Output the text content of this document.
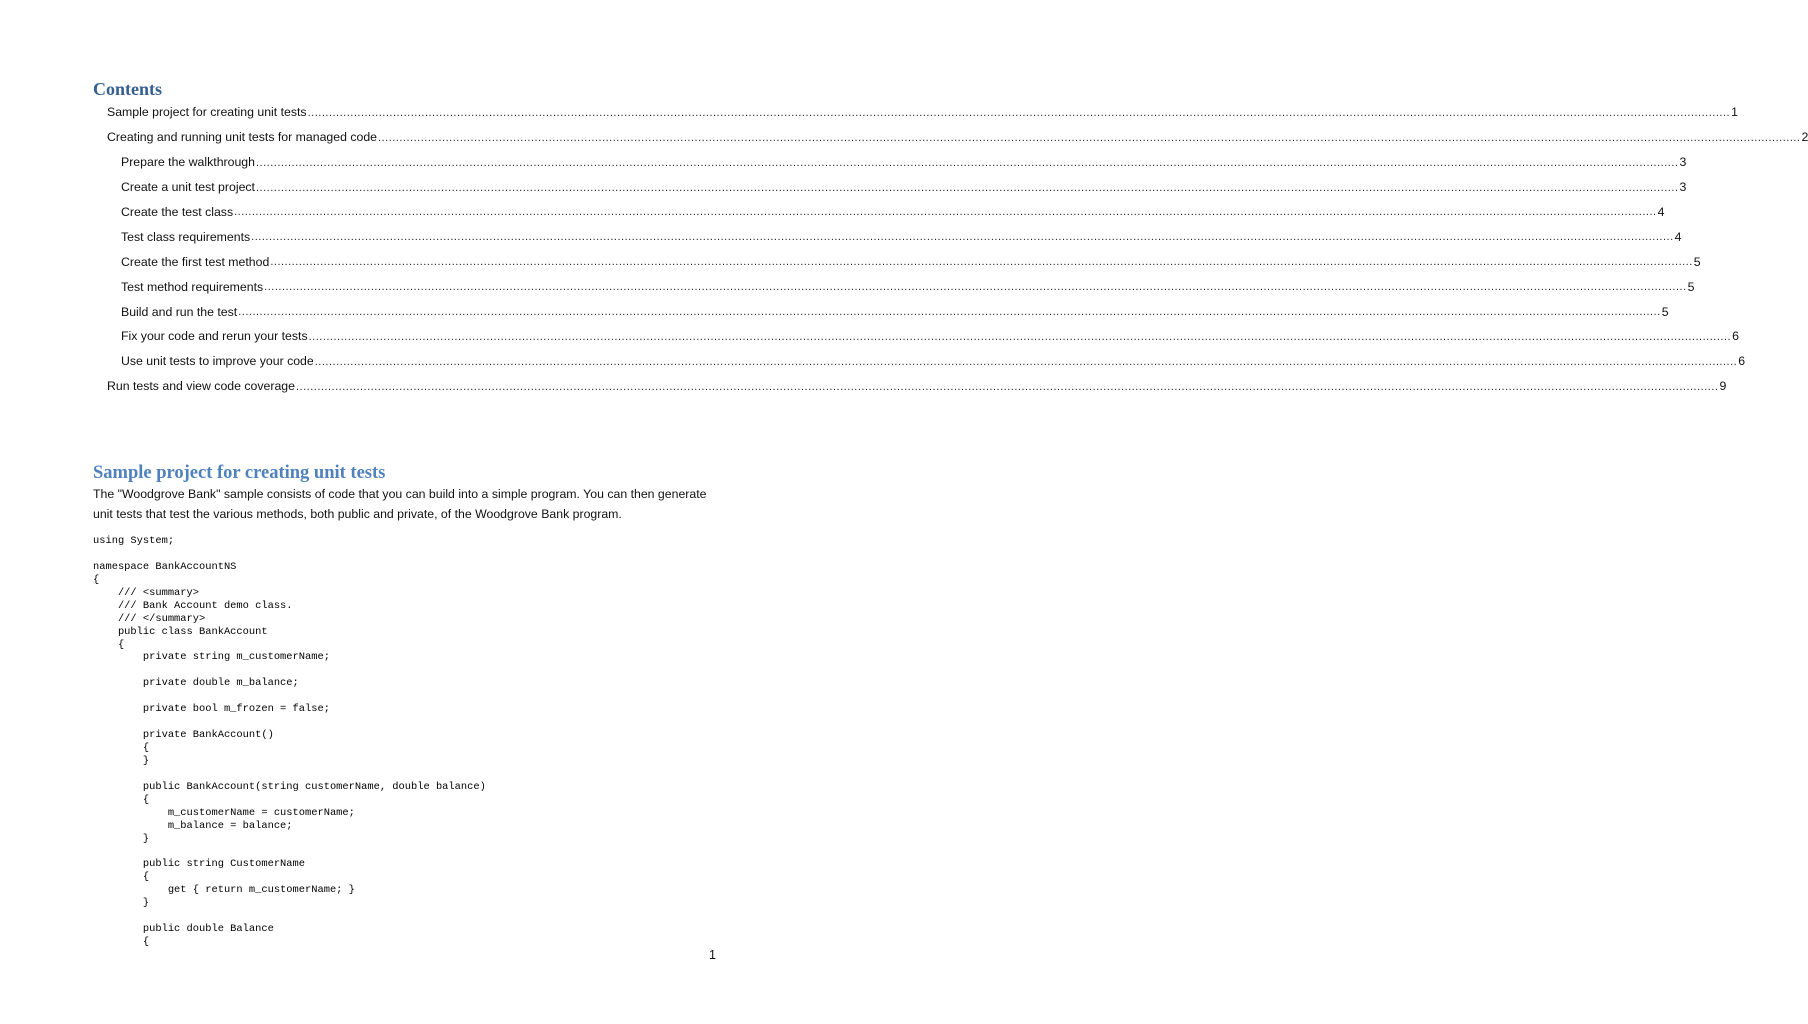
Contents
Sample project for creating unit tests ................................................................................................................................................................................................................................................................................................................................................................................................................ 1
Creating and running unit tests for managed code ................................................................................................................................................................................................................................................................................................................................................................................................................ 2
Prepare the walkthrough ................................................................................................................................................................................................................................................................................................................................................................................................................ 3
Create a unit test project ................................................................................................................................................................................................................................................................................................................................................................................................................ 3
Create the test class ................................................................................................................................................................................................................................................................................................................................................................................................................ 4
Test class requirements ................................................................................................................................................................................................................................................................................................................................................................................................................ 4
Create the first test method ................................................................................................................................................................................................................................................................................................................................................................................................................ 5
Test method requirements ................................................................................................................................................................................................................................................................................................................................................................................................................ 5
Build and run the test ................................................................................................................................................................................................................................................................................................................................................................................................................ 5
Fix your code and rerun your tests ................................................................................................................................................................................................................................................................................................................................................................................................................ 6
Use unit tests to improve your code ................................................................................................................................................................................................................................................................................................................................................................................................................ 6
Run tests and view code coverage ................................................................................................................................................................................................................................................................................................................................................................................................................ 9
Sample project for creating unit tests

The "Woodgrove Bank" sample consists of code that you can build into a simple program. You can then generate unit tests that test the various methods, both public and private, of the Woodgrove Bank program.

using System;
namespace BankAccountNS
{
/// <summary>
/// Bank Account demo class.
/// </summary>
public class BankAccount
{
private string m_customerName;
private double m_balance;
private bool m_frozen = false;
private BankAccount()
{
}
public BankAccount(string customerName, double balance)
{
m_customerName = customerName;
m_balance = balance;
}
public string CustomerName
{
get { return m_customerName; }
}
public double Balance
{
1
